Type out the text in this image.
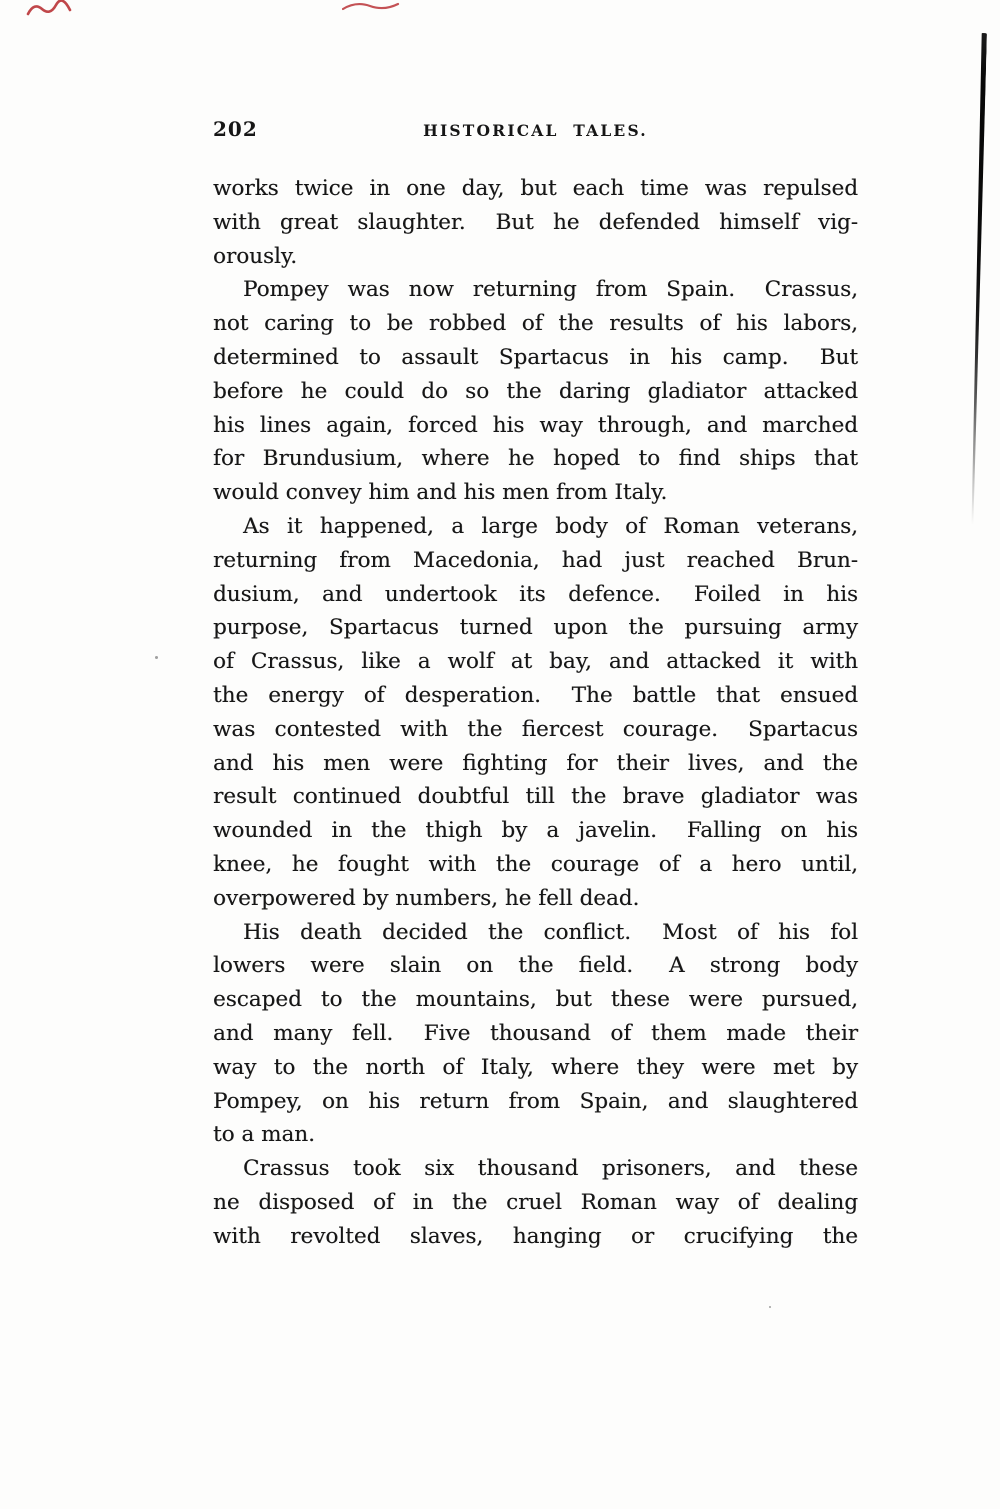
202	HISTORICAL TALES.
works twice in one day, but each time was repulsed
with great slaughter.  But he defended himself vig-
orously.
Pompey was now returning from Spain.  Crassus,
not caring to be robbed of the results of his labors,
determined to assault Spartacus in his camp.  But
before he could do so the daring gladiator attacked
his lines again, forced his way through, and marched
for Brundusium, where he hoped to find ships that
would convey him and his men from Italy.
As it happened, a large body of Roman veterans,
returning from Macedonia, had just reached Brun-
dusium, and undertook its defence.  Foiled in his
purpose, Spartacus turned upon the pursuing army
of Crassus, like a wolf at bay, and attacked it with
the energy of desperation.  The battle that ensued
was contested with the fiercest courage.  Spartacus
and his men were fighting for their lives, and the
result continued doubtful till the brave gladiator was
wounded in the thigh by a javelin.  Falling on his
knee, he fought with the courage of a hero until,
overpowered by numbers, he fell dead.
His death decided the conflict.  Most of his fol
lowers were slain on the field.  A strong body
escaped to the mountains, but these were pursued,
and many fell.  Five thousand of them made their
way to the north of Italy, where they were met by
Pompey, on his return from Spain, and slaughtered
to a man.
Crassus took six thousand prisoners, and these
ne disposed of in the cruel Roman way of dealing
with revolted slaves, hanging or crucifying the
